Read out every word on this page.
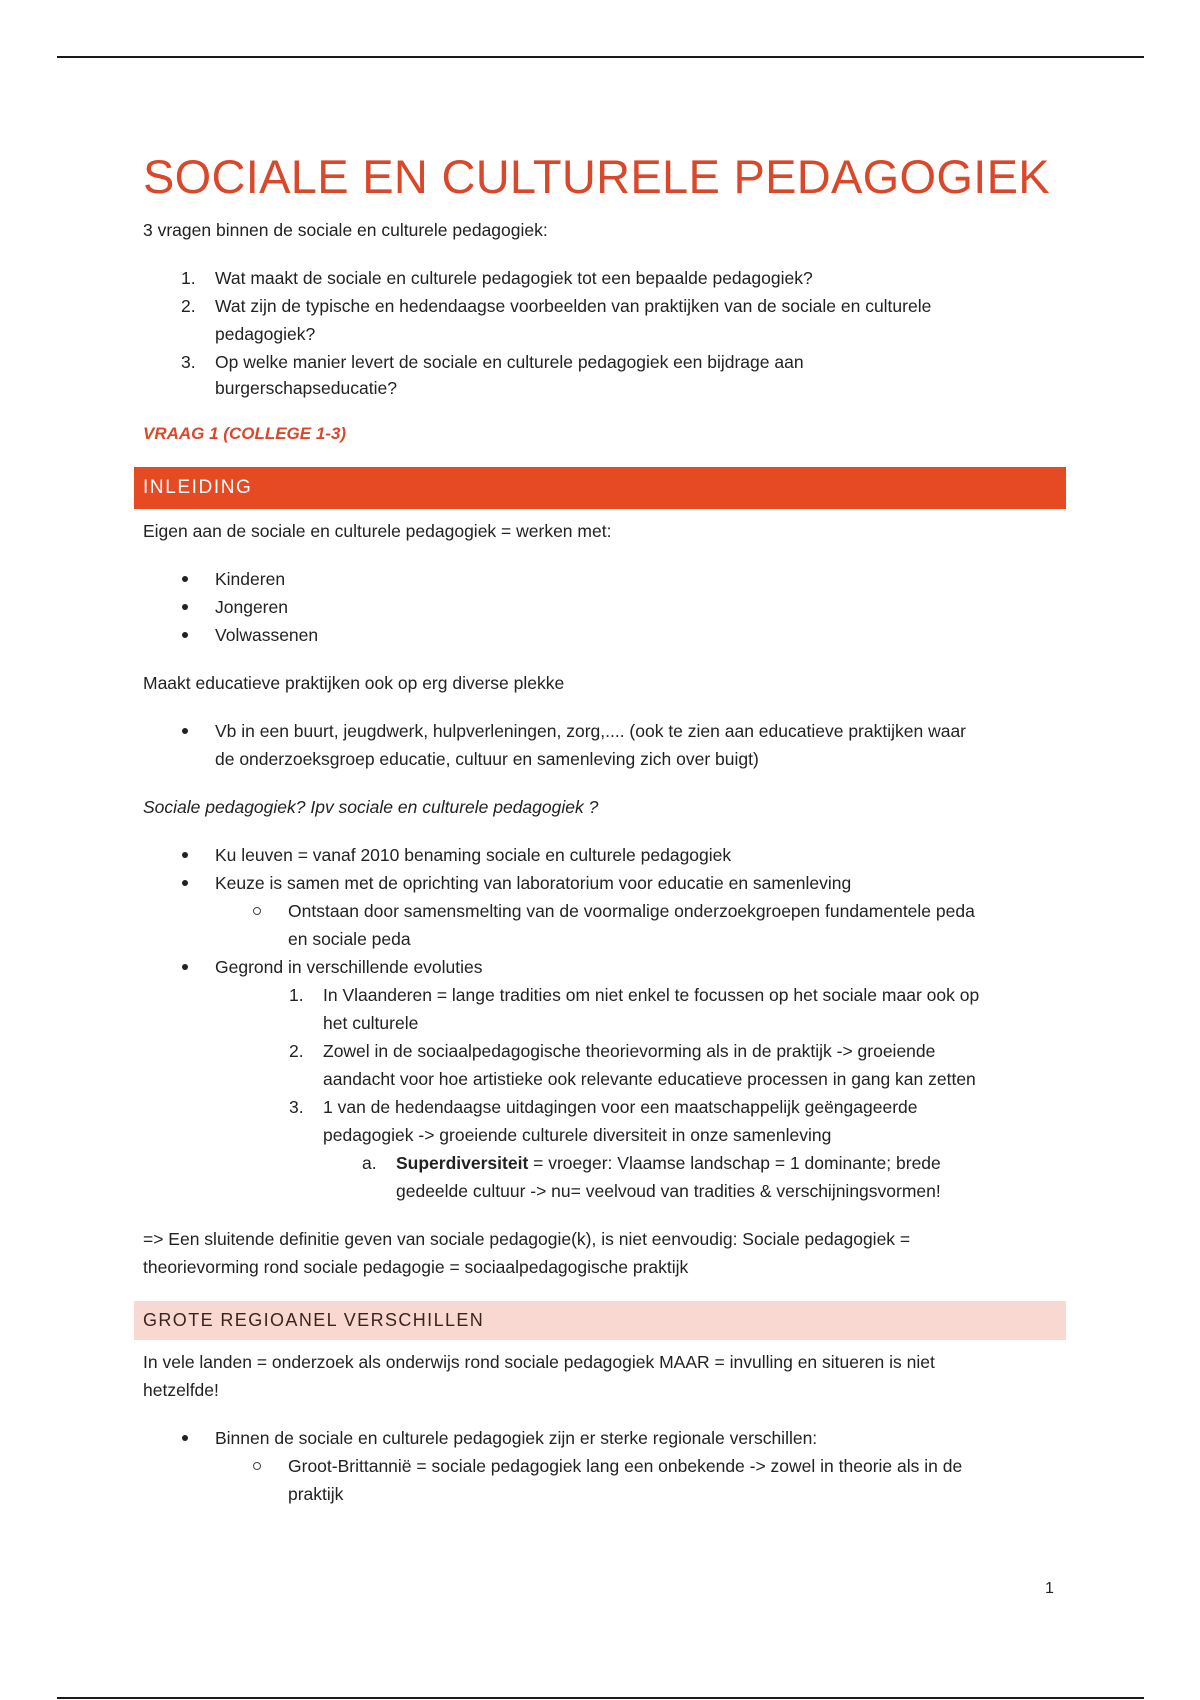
SOCIALE EN CULTURELE PEDAGOGIEK

3 vragen binnen de sociale en culturele pedagogiek:

1. Wat maakt de sociale en culturele pedagogiek tot een bepaalde pedagogiek?
2. Wat zijn de typische en hedendaagse voorbeelden van praktijken van de sociale en culturele
pedagogiek?
3. Op welke manier levert de sociale en culturele pedagogiek een bijdrage aan
burgerschapseducatie?

VRAAG 1 (COLLEGE 1-3)

INLEIDING

Eigen aan de sociale en culturele pedagogiek = werken met:

Kinderen
Jongeren
Volwassenen

Maakt educatieve praktijken ook op erg diverse plekke

Vb in een buurt, jeugdwerk, hulpverleningen, zorg,.... (ook te zien aan educatieve praktijken waar
de onderzoeksgroep educatie, cultuur en samenleving zich over buigt)

Sociale pedagogiek? Ipv sociale en culturele pedagogiek ?

Ku leuven = vanaf 2010 benaming sociale en culturele pedagogiek
Keuze is samen met de oprichting van laboratorium voor educatie en samenleving
Ontstaan door samensmelting van de voormalige onderzoekgroepen fundamentele peda
en sociale peda
Gegrond in verschillende evoluties
1. In Vlaanderen = lange tradities om niet enkel te focussen op het sociale maar ook op
het culturele
2. Zowel in de sociaalpedagogische theorievorming als in de praktijk -> groeiende
aandacht voor hoe artistieke ook relevante educatieve processen in gang kan zetten
3. 1 van de hedendaagse uitdagingen voor een maatschappelijk geëngageerde
pedagogiek -> groeiende culturele diversiteit in onze samenleving
a. Superdiversiteit = vroeger: Vlaamse landschap = 1 dominante; brede
gedeelde cultuur -> nu= veelvoud van tradities & verschijningsvormen!

=> Een sluitende definitie geven van sociale pedagogie(k), is niet eenvoudig: Sociale pedagogiek =
theorievorming rond sociale pedagogie = sociaalpedagogische praktijk

GROTE REGIOANEL VERSCHILLEN

In vele landen = onderzoek als onderwijs rond sociale pedagogiek MAAR = invulling en situeren is niet
hetzelfde!

Binnen de sociale en culturele pedagogiek zijn er sterke regionale verschillen:
Groot-Brittannië = sociale pedagogiek lang een onbekende -> zowel in theorie als in de
praktijk
1
